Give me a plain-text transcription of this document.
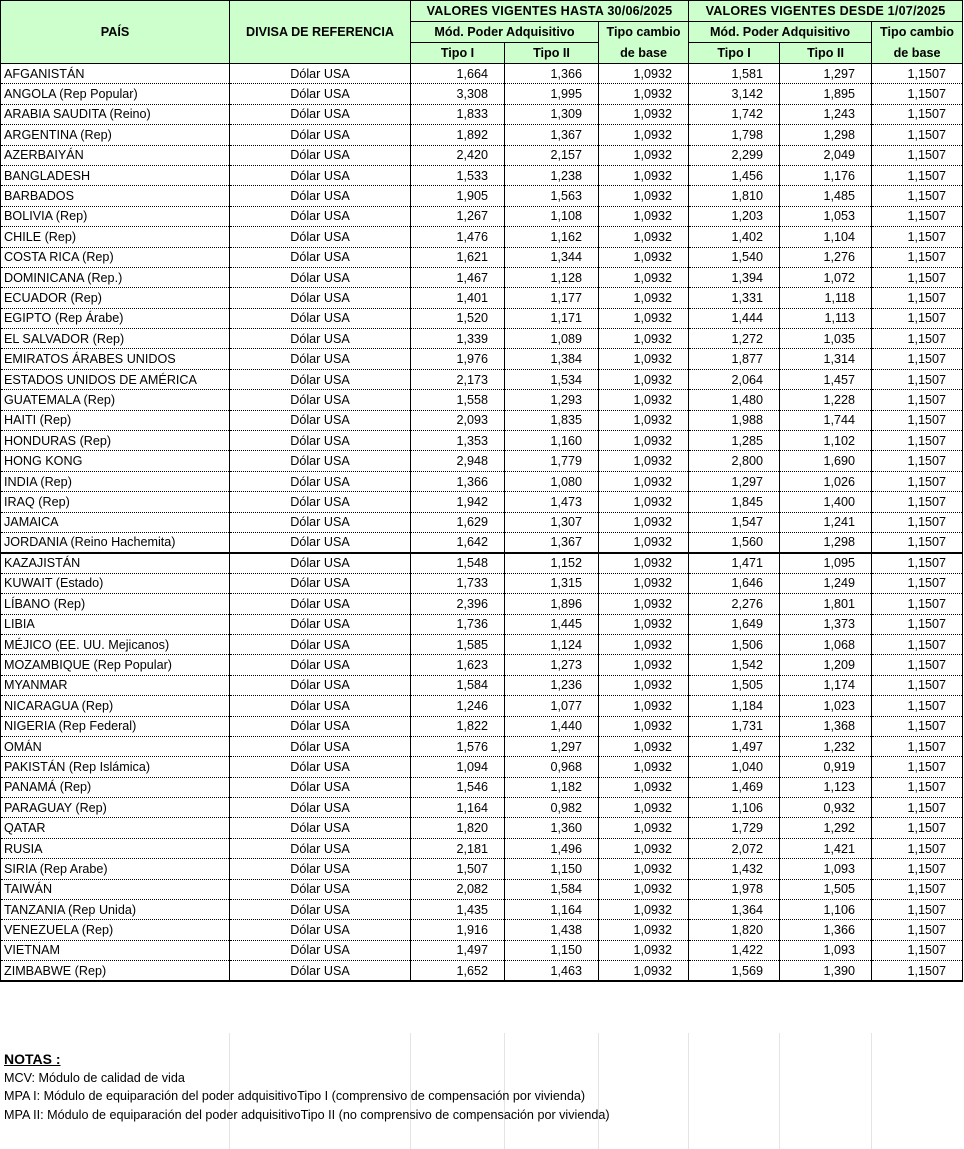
PAÍS	DIVISA DE REFERENCIA	VALORES VIGENTES HASTA 30/06/2025			VALORES VIGENTES DESDE 1/07/2025		
		Mód. Poder Adquisitivo		Tipo cambio	Mód. Poder Adquisitivo		Tipo cambio
		Tipo I	Tipo II	de base	Tipo I	Tipo II	de base
AFGANISTÁN	Dólar USA	1,664	1,366	1,0932	1,581	1,297	1,1507
ANGOLA (Rep Popular)	Dólar USA	3,308	1,995	1,0932	3,142	1,895	1,1507
ARABIA SAUDITA (Reino)	Dólar USA	1,833	1,309	1,0932	1,742	1,243	1,1507
ARGENTINA (Rep)	Dólar USA	1,892	1,367	1,0932	1,798	1,298	1,1507
AZERBAIYÁN	Dólar USA	2,420	2,157	1,0932	2,299	2,049	1,1507
BANGLADESH	Dólar USA	1,533	1,238	1,0932	1,456	1,176	1,1507
BARBADOS	Dólar USA	1,905	1,563	1,0932	1,810	1,485	1,1507
BOLIVIA (Rep)	Dólar USA	1,267	1,108	1,0932	1,203	1,053	1,1507
CHILE (Rep)	Dólar USA	1,476	1,162	1,0932	1,402	1,104	1,1507
COSTA RICA (Rep)	Dólar USA	1,621	1,344	1,0932	1,540	1,276	1,1507
DOMINICANA (Rep.)	Dólar USA	1,467	1,128	1,0932	1,394	1,072	1,1507
ECUADOR (Rep)	Dólar USA	1,401	1,177	1,0932	1,331	1,118	1,1507
EGIPTO (Rep Árabe)	Dólar USA	1,520	1,171	1,0932	1,444	1,113	1,1507
EL SALVADOR (Rep)	Dólar USA	1,339	1,089	1,0932	1,272	1,035	1,1507
EMIRATOS ÁRABES UNIDOS	Dólar USA	1,976	1,384	1,0932	1,877	1,314	1,1507
ESTADOS UNIDOS DE AMÉRICA	Dólar USA	2,173	1,534	1,0932	2,064	1,457	1,1507
GUATEMALA (Rep)	Dólar USA	1,558	1,293	1,0932	1,480	1,228	1,1507
HAITI (Rep)	Dólar USA	2,093	1,835	1,0932	1,988	1,744	1,1507
HONDURAS (Rep)	Dólar USA	1,353	1,160	1,0932	1,285	1,102	1,1507
HONG KONG	Dólar USA	2,948	1,779	1,0932	2,800	1,690	1,1507
INDIA (Rep)	Dólar USA	1,366	1,080	1,0932	1,297	1,026	1,1507
IRAQ (Rep)	Dólar USA	1,942	1,473	1,0932	1,845	1,400	1,1507
JAMAICA	Dólar USA	1,629	1,307	1,0932	1,547	1,241	1,1507
JORDANIA (Reino Hachemita)	Dólar USA	1,642	1,367	1,0932	1,560	1,298	1,1507
KAZAJISTÁN	Dólar USA	1,548	1,152	1,0932	1,471	1,095	1,1507
KUWAIT (Estado)	Dólar USA	1,733	1,315	1,0932	1,646	1,249	1,1507
LÍBANO (Rep)	Dólar USA	2,396	1,896	1,0932	2,276	1,801	1,1507
LIBIA	Dólar USA	1,736	1,445	1,0932	1,649	1,373	1,1507
MÉJICO (EE. UU. Mejicanos)	Dólar USA	1,585	1,124	1,0932	1,506	1,068	1,1507
MOZAMBIQUE (Rep Popular)	Dólar USA	1,623	1,273	1,0932	1,542	1,209	1,1507
MYANMAR	Dólar USA	1,584	1,236	1,0932	1,505	1,174	1,1507
NICARAGUA (Rep)	Dólar USA	1,246	1,077	1,0932	1,184	1,023	1,1507
NIGERIA (Rep Federal)	Dólar USA	1,822	1,440	1,0932	1,731	1,368	1,1507
OMÁN	Dólar USA	1,576	1,297	1,0932	1,497	1,232	1,1507
PAKISTÁN (Rep Islámica)	Dólar USA	1,094	0,968	1,0932	1,040	0,919	1,1507
PANAMÁ (Rep)	Dólar USA	1,546	1,182	1,0932	1,469	1,123	1,1507
PARAGUAY (Rep)	Dólar USA	1,164	0,982	1,0932	1,106	0,932	1,1507
QATAR	Dólar USA	1,820	1,360	1,0932	1,729	1,292	1,1507
RUSIA	Dólar USA	2,181	1,496	1,0932	2,072	1,421	1,1507
SIRIA (Rep Arabe)	Dólar USA	1,507	1,150	1,0932	1,432	1,093	1,1507
TAIWÁN	Dólar USA	2,082	1,584	1,0932	1,978	1,505	1,1507
TANZANIA (Rep Unida)	Dólar USA	1,435	1,164	1,0932	1,364	1,106	1,1507
VENEZUELA (Rep)	Dólar USA	1,916	1,438	1,0932	1,820	1,366	1,1507
VIETNAM	Dólar USA	1,497	1,150	1,0932	1,422	1,093	1,1507
ZIMBABWE (Rep)	Dólar USA	1,652	1,463	1,0932	1,569	1,390	1,1507
NOTAS :
MCV: Módulo de calidad de vida
MPA I: Módulo de equiparación del poder adquisitivoTipo I (comprensivo de compensación por vivienda)
MPA II: Módulo de equiparación del poder adquisitivoTipo II (no comprensivo de compensación por vivienda)
